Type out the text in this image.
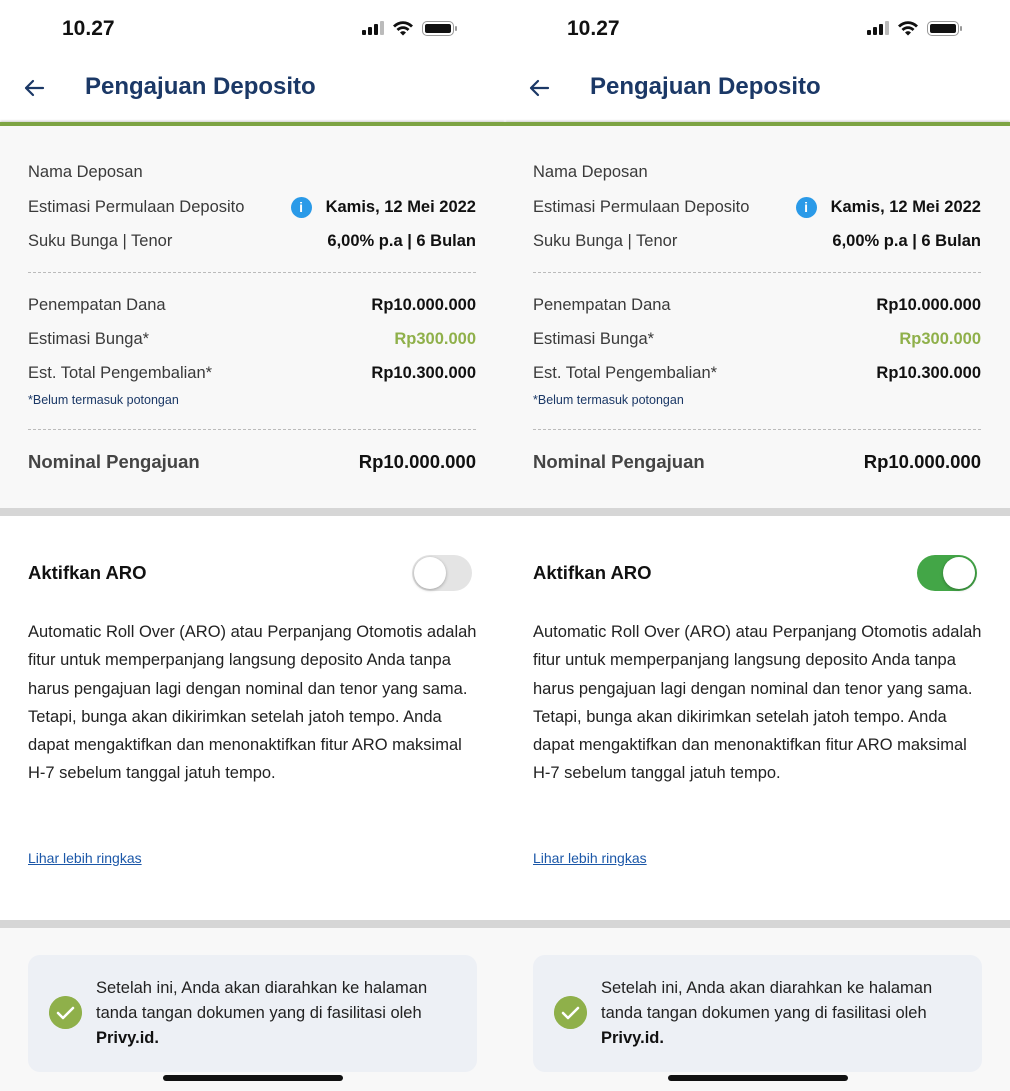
10.27
Pengajuan Deposito
Nama Deposan
Estimasi Permulaan Deposito	i Kamis, 12 Mei 2022
Suku Bunga | Tenor	6,00% p.a | 6 Bulan
Penempatan Dana	Rp10.000.000
Estimasi Bunga*	Rp300.000
Est. Total Pengembalian*	Rp10.300.000
*Belum termasuk potongan
Nominal Pengajuan	Rp10.000.000
Aktifkan ARO
Automatic Roll Over (ARO) atau Perpanjang Otomotis adalah fitur untuk memperpanjang langsung deposito Anda tanpa harus pengajuan lagi dengan nominal dan tenor yang sama. Tetapi, bunga akan dikirimkan setelah jatoh tempo. Anda dapat mengaktifkan dan menonaktifkan fitur ARO maksimal H-7 sebelum tanggal jatuh tempo.
Lihar lebih ringkas
Setelah ini, Anda akan diarahkan ke halaman tanda tangan dokumen yang di fasilitasi oleh Privy.id.
10.27
Pengajuan Deposito
Nama Deposan
Estimasi Permulaan Deposito	i Kamis, 12 Mei 2022
Suku Bunga | Tenor	6,00% p.a | 6 Bulan
Penempatan Dana	Rp10.000.000
Estimasi Bunga*	Rp300.000
Est. Total Pengembalian*	Rp10.300.000
*Belum termasuk potongan
Nominal Pengajuan	Rp10.000.000
Aktifkan ARO
Automatic Roll Over (ARO) atau Perpanjang Otomotis adalah fitur untuk memperpanjang langsung deposito Anda tanpa harus pengajuan lagi dengan nominal dan tenor yang sama. Tetapi, bunga akan dikirimkan setelah jatoh tempo. Anda dapat mengaktifkan dan menonaktifkan fitur ARO maksimal H-7 sebelum tanggal jatuh tempo.
Lihar lebih ringkas
Setelah ini, Anda akan diarahkan ke halaman tanda tangan dokumen yang di fasilitasi oleh Privy.id.
